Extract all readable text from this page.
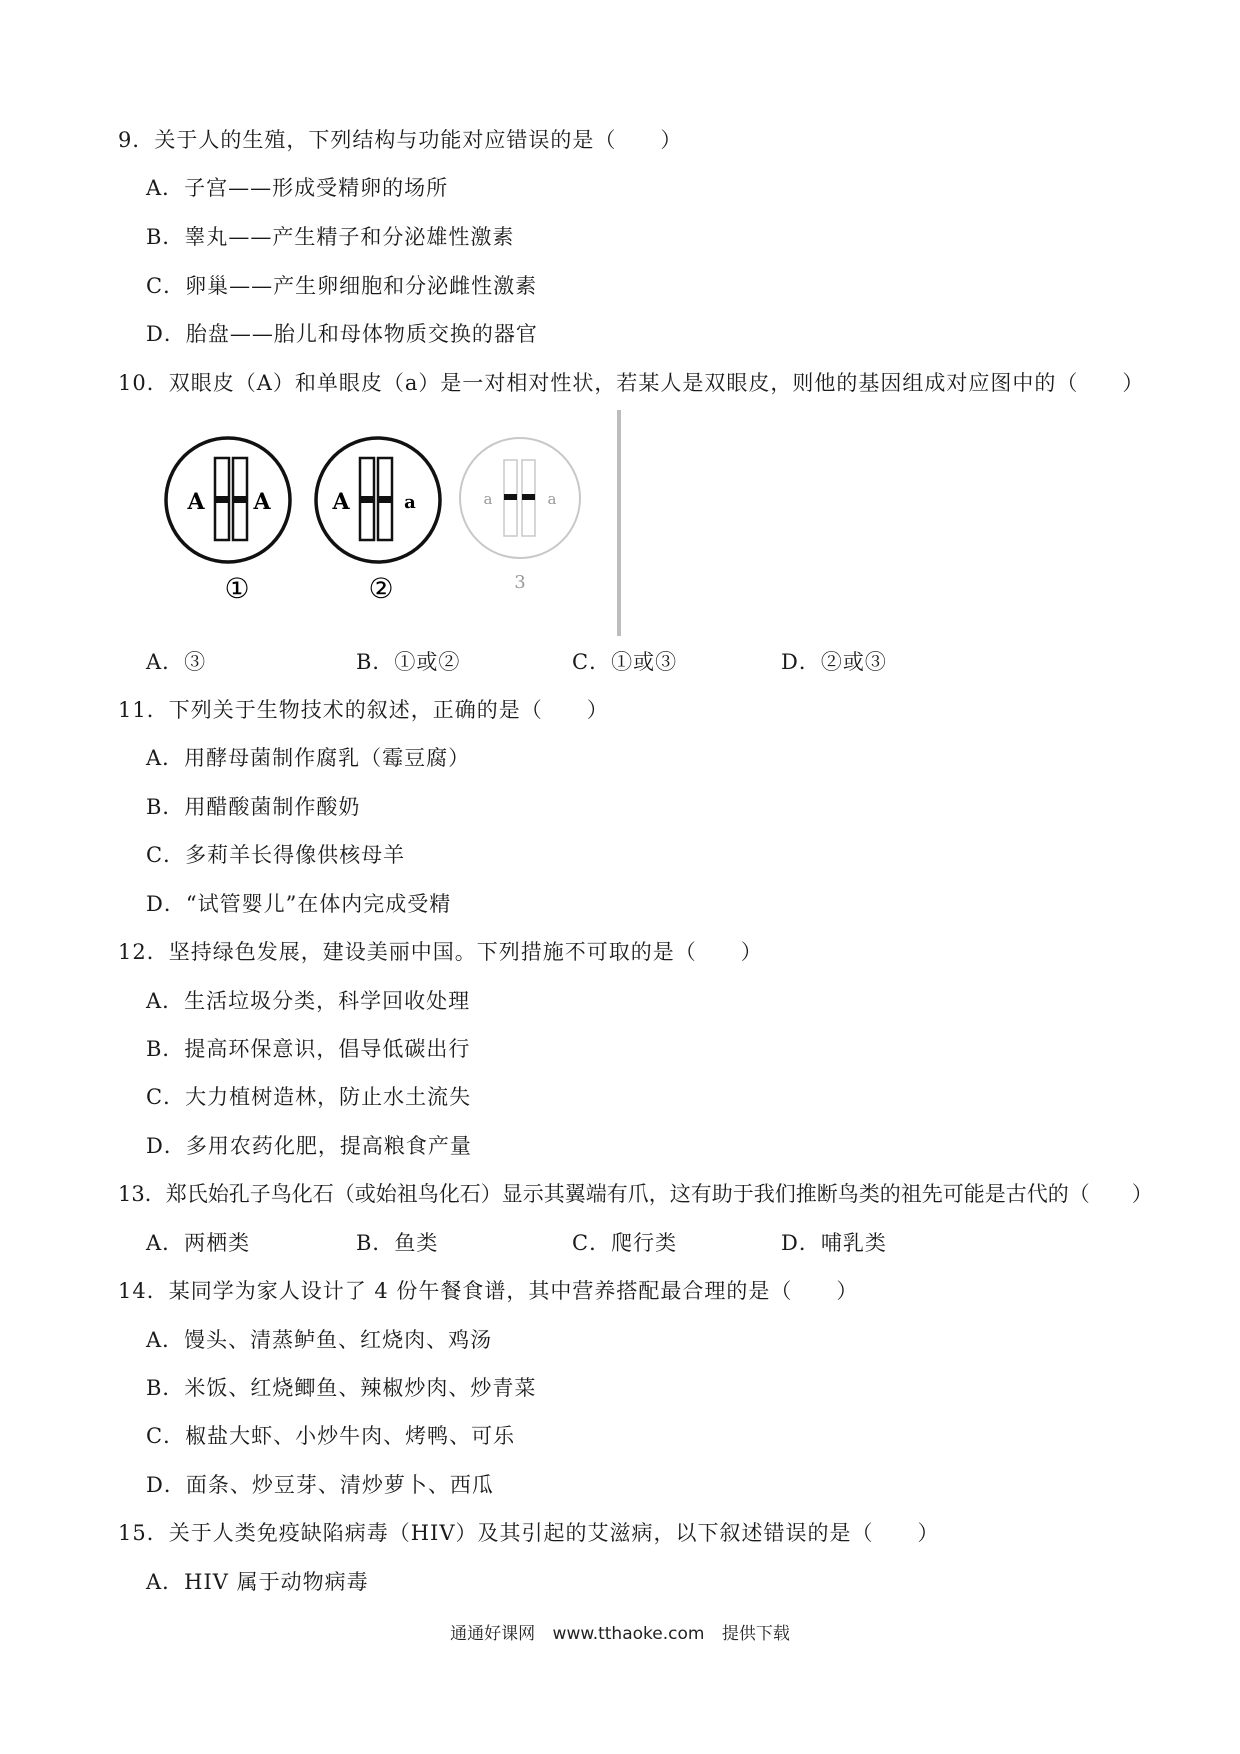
9．关于人的生殖，下列结构与功能对应错误的是（　　）
A．子宫——形成受精卵的场所
B．睾丸——产生精子和分泌雄性激素
C．卵巢——产生卵细胞和分泌雌性激素
D．胎盘——胎儿和母体物质交换的器官
10．双眼皮（A）和单眼皮（a）是一对相对性状，若某人是双眼皮，则他的基因组成对应图中的（　　）
A A
①
A	a
②
a	a
3
A．③	B．①或②	C．①或③	D．②或③
11．下列关于生物技术的叙述，正确的是（　　）
A．用酵母菌制作腐乳（霉豆腐）
B．用醋酸菌制作酸奶
C．多莉羊长得像供核母羊
D．“试管婴儿”在体内完成受精
12．坚持绿色发展，建设美丽中国。下列措施不可取的是（　　）
A．生活垃圾分类，科学回收处理
B．提高环保意识，倡导低碳出行
C．大力植树造林，防止水土流失
D．多用农药化肥，提高粮食产量
13．郑氏始孔子鸟化石（或始祖鸟化石）显示其翼端有爪，这有助于我们推断鸟类的祖先可能是古代的（　　）
A．两栖类	B．鱼类	C．爬行类	D．哺乳类
14．某同学为家人设计了 4 份午餐食谱，其中营养搭配最合理的是（　　）
A．馒头、清蒸鲈鱼、红烧肉、鸡汤
B．米饭、红烧鲫鱼、辣椒炒肉、炒青菜
C．椒盐大虾、小炒牛肉、烤鸭、可乐
D．面条、炒豆芽、清炒萝卜、西瓜
15．关于人类免疫缺陷病毒（HIV）及其引起的艾滋病，以下叙述错误的是（　　）
A．HIV 属于动物病毒
通通好课网 www.tthaoke.com 提供下载
